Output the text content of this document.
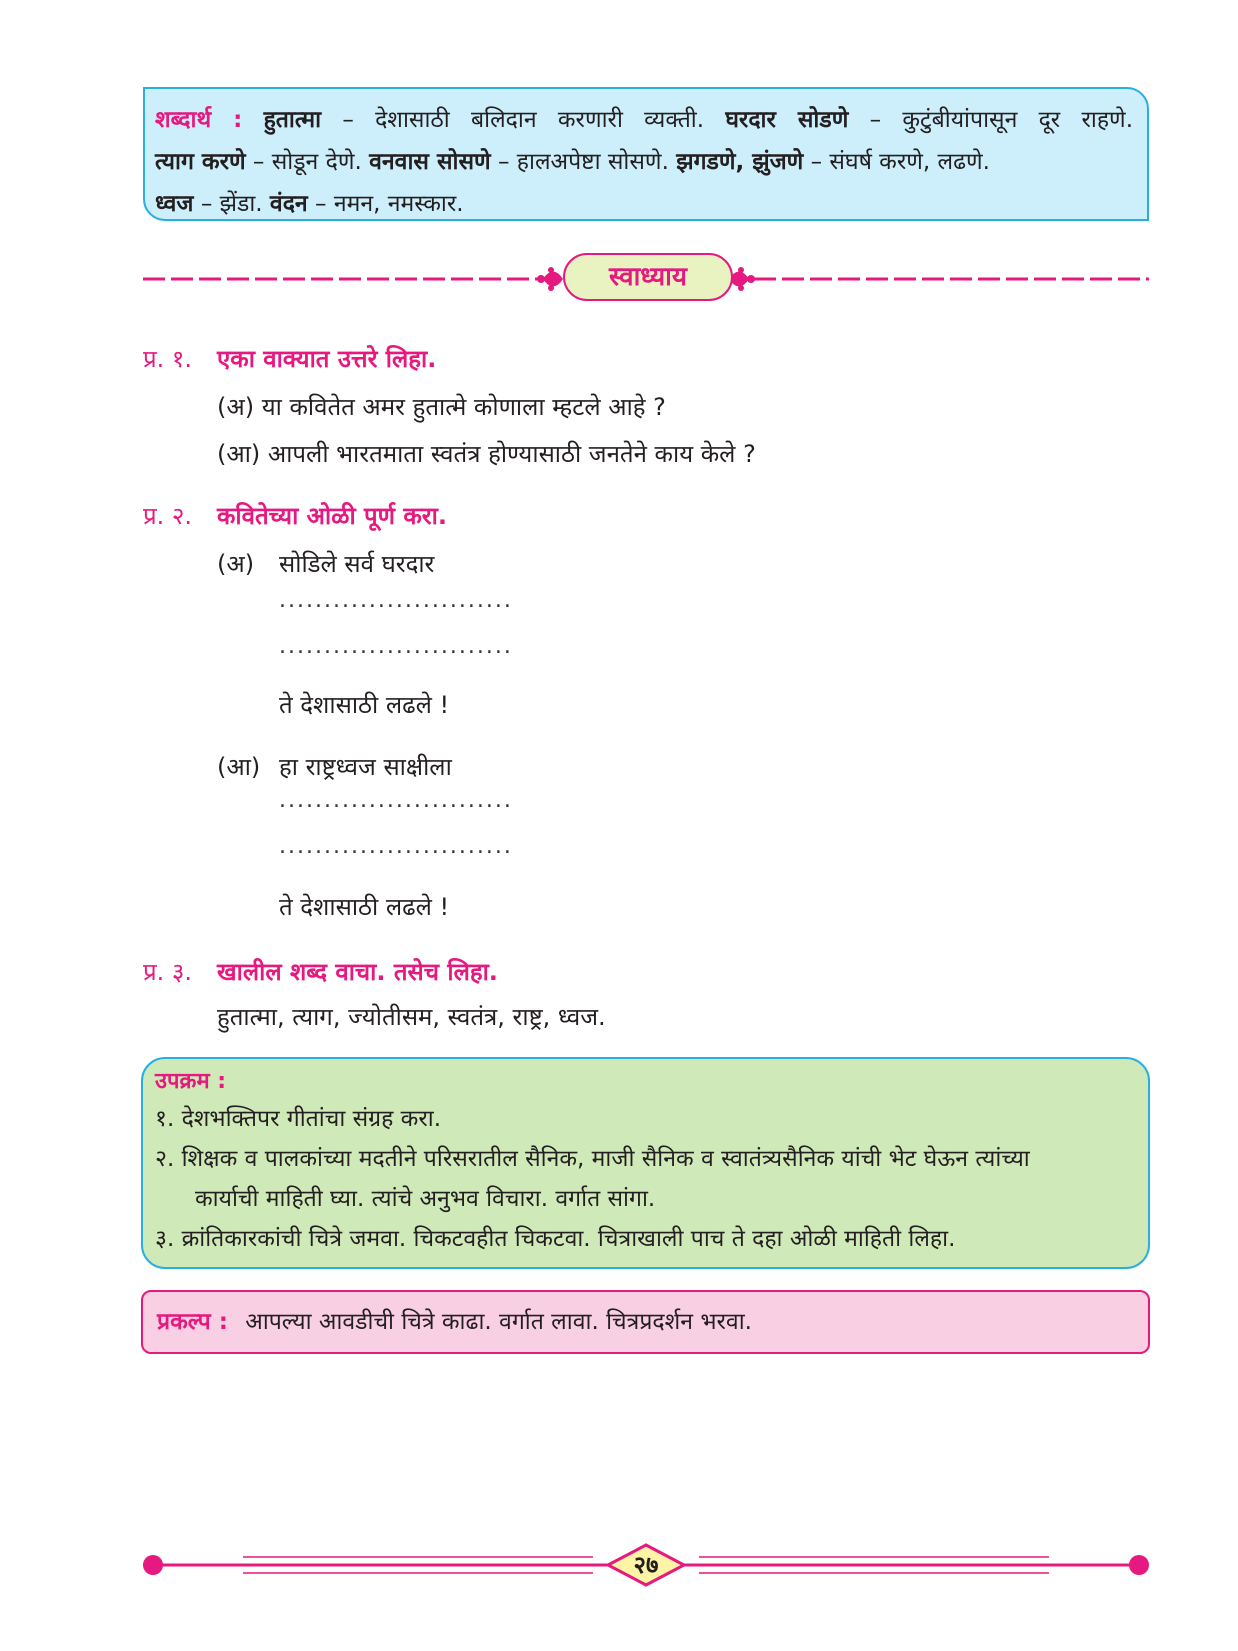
शब्दार्थ : हुतात्मा – देशासाठी बलिदान करणारी व्यक्ती. घरदार सोडणे – कुटुंबीयांपासून दूर राहणे.
त्याग करणे – सोडून देणे. वनवास सोसणे – हालअपेष्टा सोसणे. झगडणे, झुंजणे – संघर्ष करणे, लढणे.
ध्वज – झेंडा. वंदन – नमन, नमस्कार.
स्वाध्याय
प्र. १. एका वाक्यात उत्तरे लिहा.
(अ) या कवितेत अमर हुतात्मे कोणाला म्हटले आहे ?
(आ) आपली भारतमाता स्वतंत्र होण्यासाठी जनतेने काय केले ?
प्र. २. कवितेच्या ओळी पूर्ण करा.
(अ) सोडिले सर्व घरदार
..........................
..........................
ते देशासाठी लढले !
(आ) हा राष्ट्रध्वज साक्षीला
..........................
..........................
ते देशासाठी लढले !
प्र. ३. खालील शब्द वाचा. तसेच लिहा.
हुतात्मा, त्याग, ज्योतीसम, स्वतंत्र, राष्ट्र, ध्वज.
उपक्रम :
१. देशभक्तिपर गीतांचा संग्रह करा.
२. शिक्षक व पालकांच्या मदतीने परिसरातील सैनिक, माजी सैनिक व स्वातंत्र्यसैनिक यांची भेट घेऊन त्यांच्या
कार्याची माहिती घ्या. त्यांचे अनुभव विचारा. वर्गात सांगा.
३. क्रांतिकारकांची चित्रे जमवा. चिकटवहीत चिकटवा. चित्राखाली पाच ते दहा ओळी माहिती लिहा.
प्रकल्प : आपल्या आवडीची चित्रे काढा. वर्गात लावा. चित्रप्रदर्शन भरवा.
२७
